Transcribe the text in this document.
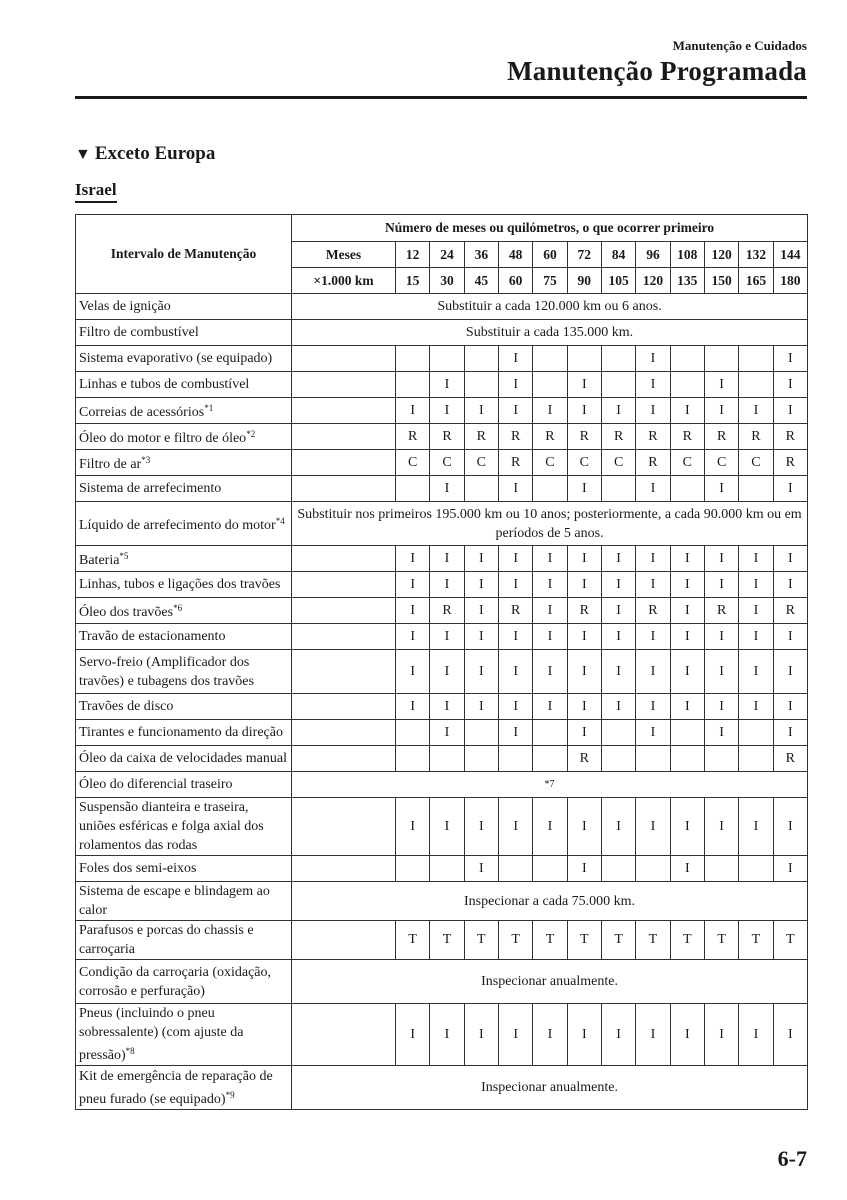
Manutenção e Cuidados
Manutenção Programada
▼ Exceto Europa
Israel
Intervalo de Manutenção	Número de meses ou quilómetros, o que ocorrer primeiro												
	Meses	12	24	36	48	60	72	84	96	108	120	132	144
	×1.000 km	15	30	45	60	75	90	105	120	135	150	165	180
Velas de ignição	Substituir a cada 120.000 km ou 6 anos.												
Filtro de combustível	Substituir a cada 135.000 km.												
Sistema evaporativo (se equipado)					I				I				I
Linhas e tubos de combustível			I		I		I		I		I		I
Correias de acessórios$^{*1}$		I	I	I	I	I	I	I	I	I	I	I	I
Óleo do motor e filtro de óleo$^{*2}$		R	R	R	R	R	R	R	R	R	R	R	R
Filtro de $ar^{*3}$		C	C	C	R	C	C	C	R	C	C	C	R
Sistema de arrefecimento			I		I		I		I		I		I
Líquido de arrefecimento do motor$^{*4}$	Substituir nos primeiros 195.000 km ou 10 anos; posteriormente, a cada 90.000 km ou em períodos de 5 anos.												
Bateria$^{*5}$		I	I	I	I	I	I	I	I	I	I	I	I
Linhas, tubos e ligações dos travões		I	I	I	I	I	I	I	I	I	I	I	I
Óleo dos travões$^{*6}$		I	R	I	R	I	R	I	R	I	R	I	R
Travão de estacionamento		I	I	I	I	I	I	I	I	I	I	I	I
Servo-freio (Amplificador dos travões) e tubagens dos travões		I	I	I	I	I	I	I	I	I	I	I	I
Travões de disco		I	I	I	I	I	I	I	I	I	I	I	I
Tirantes e funcionamento da direção			I		I		I		I		I		I
Óleo da caixa de velocidades manual							R						R
Óleo do diferencial traseiro	*7												
Suspensão dianteira e traseira, uniões esféricas e folga axial dos rolamentos das rodas		I	I	I	I	I	I	I	I	I	I	I	I
Foles dos semi-eixos				I			I			I			I
Sistema de escape e blindagem ao calor	Inspecionar a cada 75.000 km.												
Parafusos e porcas do chassis e carroçaria		T	T	T	T	T	T	T	T	T	T	T	T
Condição da carroçaria (oxidação, corrosão e perfuração)	Inspecionar anualmente.												
Pneus (incluindo o pneu sobressalente) (com ajuste da pressão)$^{*8}$		I	I	I	I	I	I	I	I	I	I	I	I
Kit de emergência de reparação de pneu furado (se equipado)$^{*9}$	Inspecionar anualmente.												
6-7
